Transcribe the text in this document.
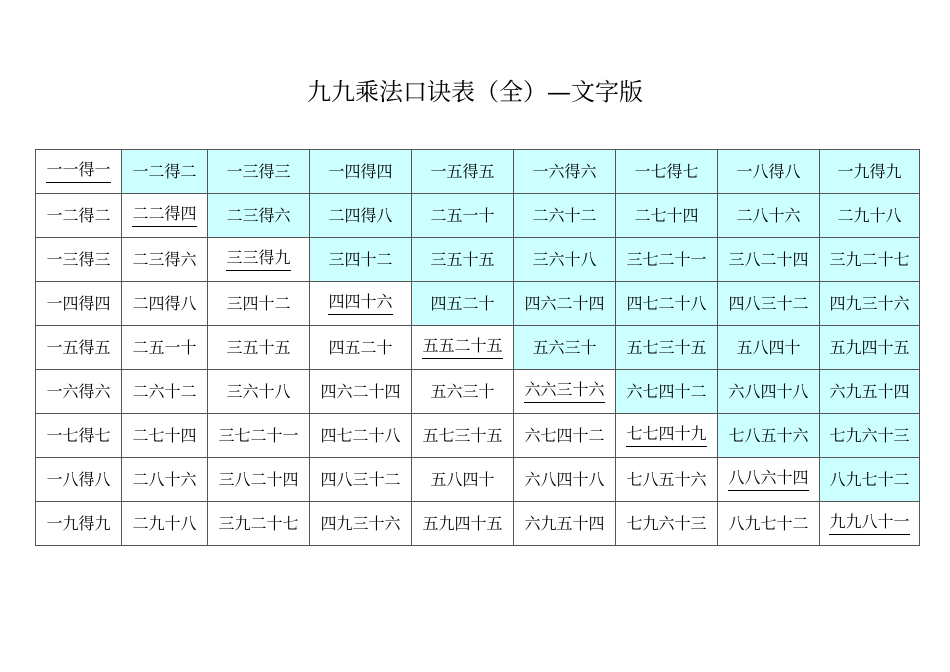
九九乘法口诀表（全）—文字版
一一得一	一二得二	一三得三	一四得四	一五得五	一六得六	一七得七	一八得八	一九得九
一二得二	二二得四	二三得六	二四得八	二五一十	二六十二	二七十四	二八十六	二九十八
一三得三	二三得六	三三得九	三四十二	三五十五	三六十八	三七二十一	三八二十四	三九二十七
一四得四	二四得八	三四十二	四四十六	四五二十	四六二十四	四七二十八	四八三十二	四九三十六
一五得五	二五一十	三五十五	四五二十	五五二十五	五六三十	五七三十五	五八四十	五九四十五
一六得六	二六十二	三六十八	四六二十四	五六三十	六六三十六	六七四十二	六八四十八	六九五十四
一七得七	二七十四	三七二十一	四七二十八	五七三十五	六七四十二	七七四十九	七八五十六	七九六十三
一八得八	二八十六	三八二十四	四八三十二	五八四十	六八四十八	七八五十六	八八六十四	八九七十二
一九得九	二九十八	三九二十七	四九三十六	五九四十五	六九五十四	七九六十三	八九七十二	九九八十一
